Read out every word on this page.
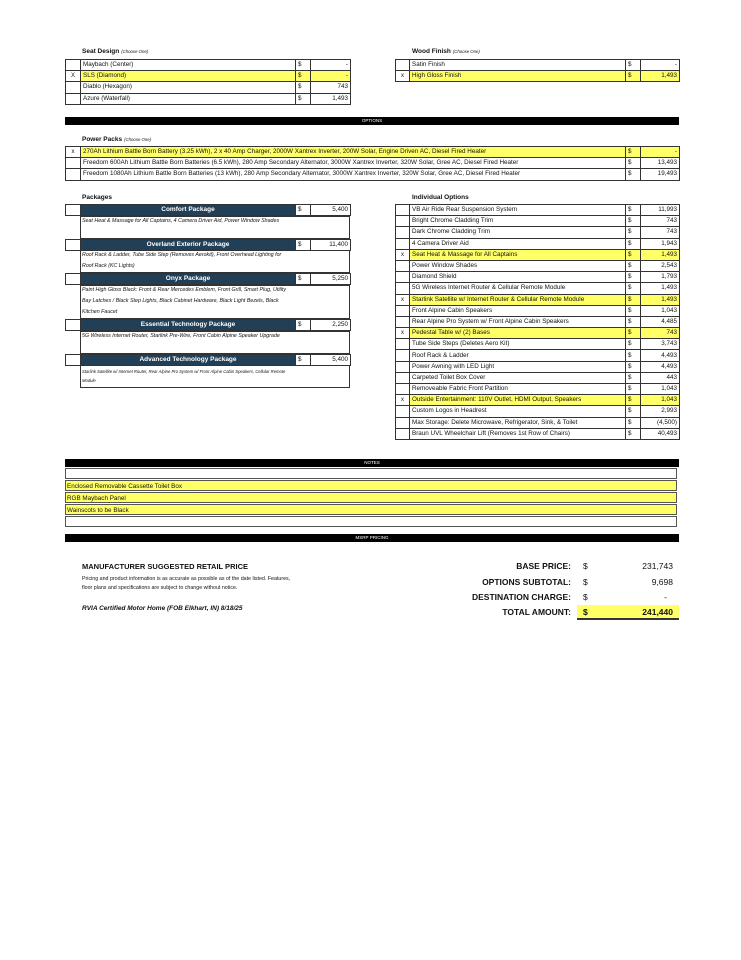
Seat Design (Choose One)
	Maybach (Center)	$	-
X	SLS (Diamond)	$	-
	Diablo (Hexagon)	$	743
	Azure (Waterfall)	$	1,493
Wood Finish (Choose One)
	Satin Finish	$	-
x	High Gloss Finish	$	1,493
OPTIONS
Power Packs (Choose One)
x	270Ah Lithium Battle Born Battery (3.25 kWh), 2 x 40 Amp Charger, 2000W Xantrex Inverter, 200W Solar, Engine Driven AC, Diesel Fired Heater	$	-
	Freedom 600Ah Lithium Battle Born Batteries (6.5 kWh), 280 Amp Secondary Alternator, 3000W Xantrex Inverter, 320W Solar, Gree AC, Diesel Fired Heater	$	13,493
	Freedom 1080Ah Lithium Battle Born Batteries (13 kWh), 280 Amp Secondary Alternator, 3000W Xantrex Inverter, 320W Solar, Gree AC, Diesel Fired Heater	$	19,493
Packages
	Comfort Package	$	5,400
Seat Heat & Massage for All Captains, 4 Camera Driver Aid, Power Window Shades
	Overland Exterior Package	$	11,400
Roof Rack & Ladder, Tube Side Step (Removes Aerokit), Front Overhead Lighting for Roof Rack (KC Lights)
	Onyx Package	$	5,250
Paint High Gloss Black: Front & Rear Mercedes Emblem, Front Grill, Smart Plug, Utility Bay Latches / Black Step Lights, Black Cabinet Hardware, Black Light Bezels, Black Kitchen Faucet
	Essential Technology Package	$	2,250
5G Wireless Internet Router, Starlink Pre-Wire, Front Cabin Alpine Speaker Upgrade
	Advanced Technology Package	$	5,400
Starlink Satellite w/ Internet Router, Rear Alpine Pro System w/ Front Alpine Cabin Speakers, Cellular Remote Module
Individual Options
	VB Air Ride Rear Suspension System	$	11,993
	Bright Chrome Cladding Trim	$	743
	Dark Chrome Cladding Trim	$	743
	4 Camera Driver Aid	$	1,943
x	Seat Heat & Massage for All Captains	$	1,493
	Power Window Shades	$	2,543
	Diamond Shield	$	1,793
	5G Wireless Internet Router & Cellular Remote Module	$	1,493
x	Starlink Satellite w/ Internet Router & Cellular Remote Module	$	1,493
	Front Alpine Cabin Speakers	$	1,043
	Rear Alpine Pro System w/ Front Alpine Cabin Speakers	$	4,485
x	Pedestal Table w/ (2) Bases	$	743
	Tube Side Steps (Deletes Aero Kit)	$	3,743
	Roof Rack & Ladder	$	4,493
	Power Awning with LED Light	$	4,493
	Carpeted Toilet Box Cover	$	443
	Removeable Fabric Front Partition	$	1,043
x	Outside Entertainment: 110V Outlet, HDMI Output, Speakers	$	1,043
	Custom Logos in Headrest	$	2,993
	Max Storage: Delete Microwave, Refrigerator, Sink, & Toilet	$	(4,500)
	Braun UVL Wheelchair Lift (Removes 1st Row of Chairs)	$	40,493
NOTES
Enclosed Removable Cassette Toilet Box
RGB Maybach Panel
Wainscots to be Black
MSRP PRICING
MANUFACTURER SUGGESTED RETAIL PRICE
Pricing and product information is as accurate as possible as of the date listed. Features, floor plans and specifications are subject to change without notice.
RVIA Certified Motor Home (FOB Elkhart, IN) 8/18/25
BASE PRICE: $	231,743
OPTIONS SUBTOTAL: $	9,698
DESTINATION CHARGE: $	-
TOTAL AMOUNT: $	241,440
